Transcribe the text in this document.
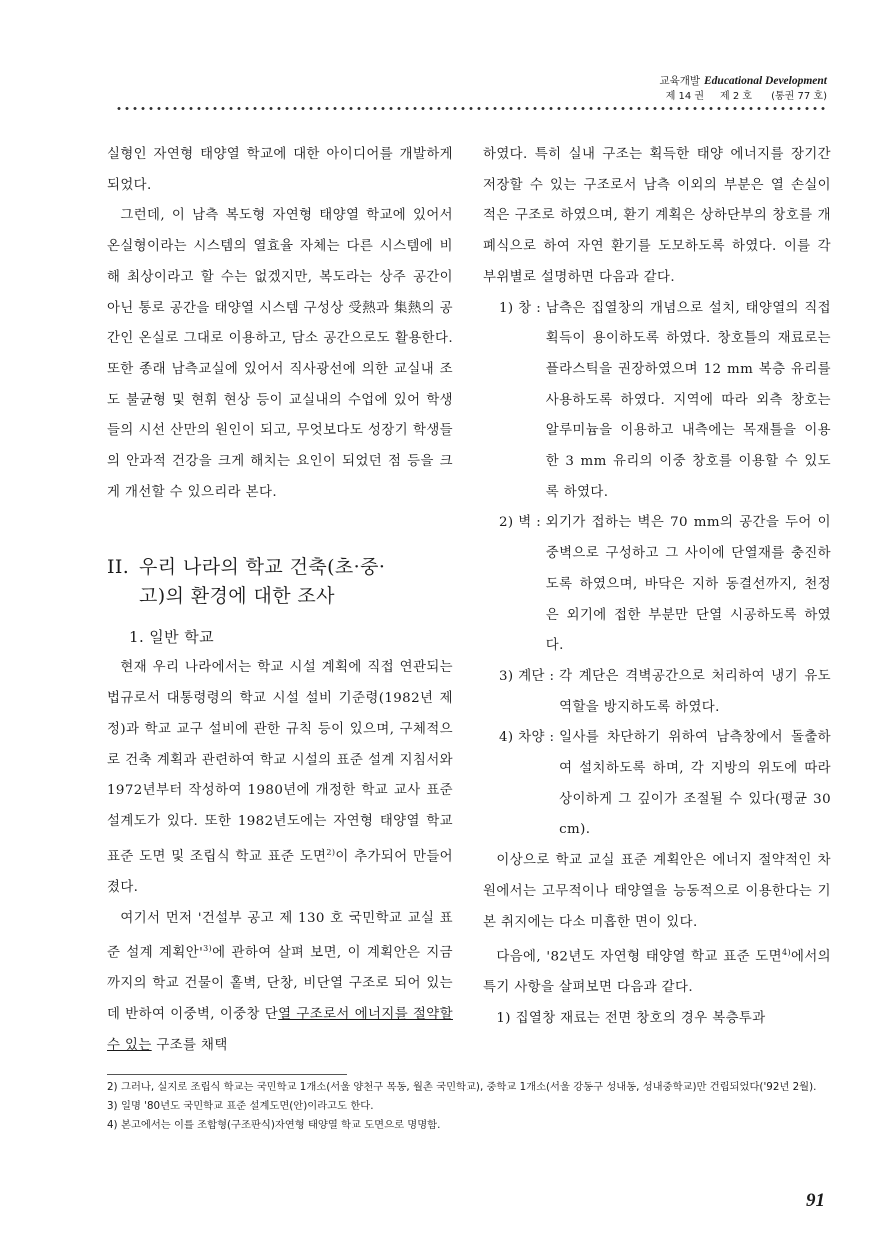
교육개발 Educational Development
제 14 권 제 2 호 (통권 77 호)

실형인 자연형 태양열 학교에 대한 아이디어를 개발하게 되었다.

그런데, 이 남측 복도형 자연형 태양열 학교에 있어서 온실형이라는 시스템의 열효율 자체는 다른 시스템에 비해 최상이라고 할 수는 없겠지만, 복도라는 상주 공간이 아닌 통로 공간을 태양열 시스템 구성상 受熱과 集熱의 공간인 온실로 그대로 이용하고, 담소 공간으로도 활용한다. 또한 종래 남측교실에 있어서 직사광선에 의한 교실내 조도 불균형 및 현휘 현상 등이 교실내의 수업에 있어 학생들의 시선 산만의 원인이 되고, 무엇보다도 성장기 학생들의 안과적 건강을 크게 해치는 요인이 되었던 점 등을 크게 개선할 수 있으리라 본다.

II. 우리 나라의 학교 건축(초·중·
고)의 환경에 대한 조사
1. 일반 학교

현재 우리 나라에서는 학교 시설 계획에 직접 연관되는 법규로서 대통령령의 학교 시설 설비 기준령(1982년 제정)과 학교 교구 설비에 관한 규칙 등이 있으며, 구체적으로 건축 계획과 관련하여 학교 시설의 표준 설계 지침서와 1972년부터 작성하여 1980년에 개정한 학교 교사 표준 설계도가 있다. 또한 1982년도에는 자연형 태양열 학교 표준 도면 및 조립식 학교 표준 도면$^{2)}$이 추가되어 만들어졌다.

여기서 먼저 '건설부 공고 제 130 호 국민학교 교실 표준 설계 계획안'$^{3)}$에 관하여 살펴 보면, 이 계획안은 지금까지의 학교 건물이 홑벽, 단창, 비단열 구조로 되어 있는 데 반하여 이중벽, 이중창 단열 구조로서 에너지를 절약할 수 있는 구조를 채택

하였다. 특히 실내 구조는 획득한 태양 에너지를 장기간 저장할 수 있는 구조로서 남측 이외의 부분은 열 손실이 적은 구조로 하였으며, 환기 계획은 상하단부의 창호를 개폐식으로 하여 자연 환기를 도모하도록 하였다. 이를 각 부위별로 설명하면 다음과 같다.

1) 창 : 남측은 집열창의 개념으로 설치, 태양열의 직접 획득이 용이하도록 하였다. 창호틀의 재료로는 플라스틱을 권장하였으며 12 mm 복층 유리를 사용하도록 하였다. 지역에 따라 외측 창호는 알루미늄을 이용하고 내측에는 목재틀을 이용한 3 mm 유리의 이중 창호를 이용할 수 있도록 하였다.
2) 벽 : 외기가 접하는 벽은 70 mm의 공간을 두어 이중벽으로 구성하고 그 사이에 단열재를 충진하도록 하였으며, 바닥은 지하 동결선까지, 천정은 외기에 접한 부분만 단열 시공하도록 하였다.
3) 계단 : 각 계단은 격벽공간으로 처리하여 냉기 유도 역할을 방지하도록 하였다.
4) 차양 : 일사를 차단하기 위하여 남측창에서 돌출하여 설치하도록 하며, 각 지방의 위도에 따라 상이하게 그 깊이가 조절될 수 있다(평균 30 cm).

이상으로 학교 교실 표준 계획안은 에너지 절약적인 차원에서는 고무적이나 태양열을 능동적으로 이용한다는 기본 취지에는 다소 미흡한 면이 있다.

다음에, '82년도 자연형 태양열 학교 표준 도면$^{4)}$에서의 특기 사항을 살펴보면 다음과 같다.

1) 집열창 재료는 전면 창호의 경우 복층투과

2) 그러나, 실지로 조립식 학교는 국민학교 1개소(서울 양천구 목동, 월촌 국민학교), 중학교 1개소(서울 강동구 성내동, 성내중학교)만 건립되었다('92년 2월).
3) 일명 '80년도 국민학교 표준 설계도면(안)이라고도 한다.
4) 본고에서는 이를 조합형(구조판식)자연형 태양열 학교 도면으로 명명함.
91
